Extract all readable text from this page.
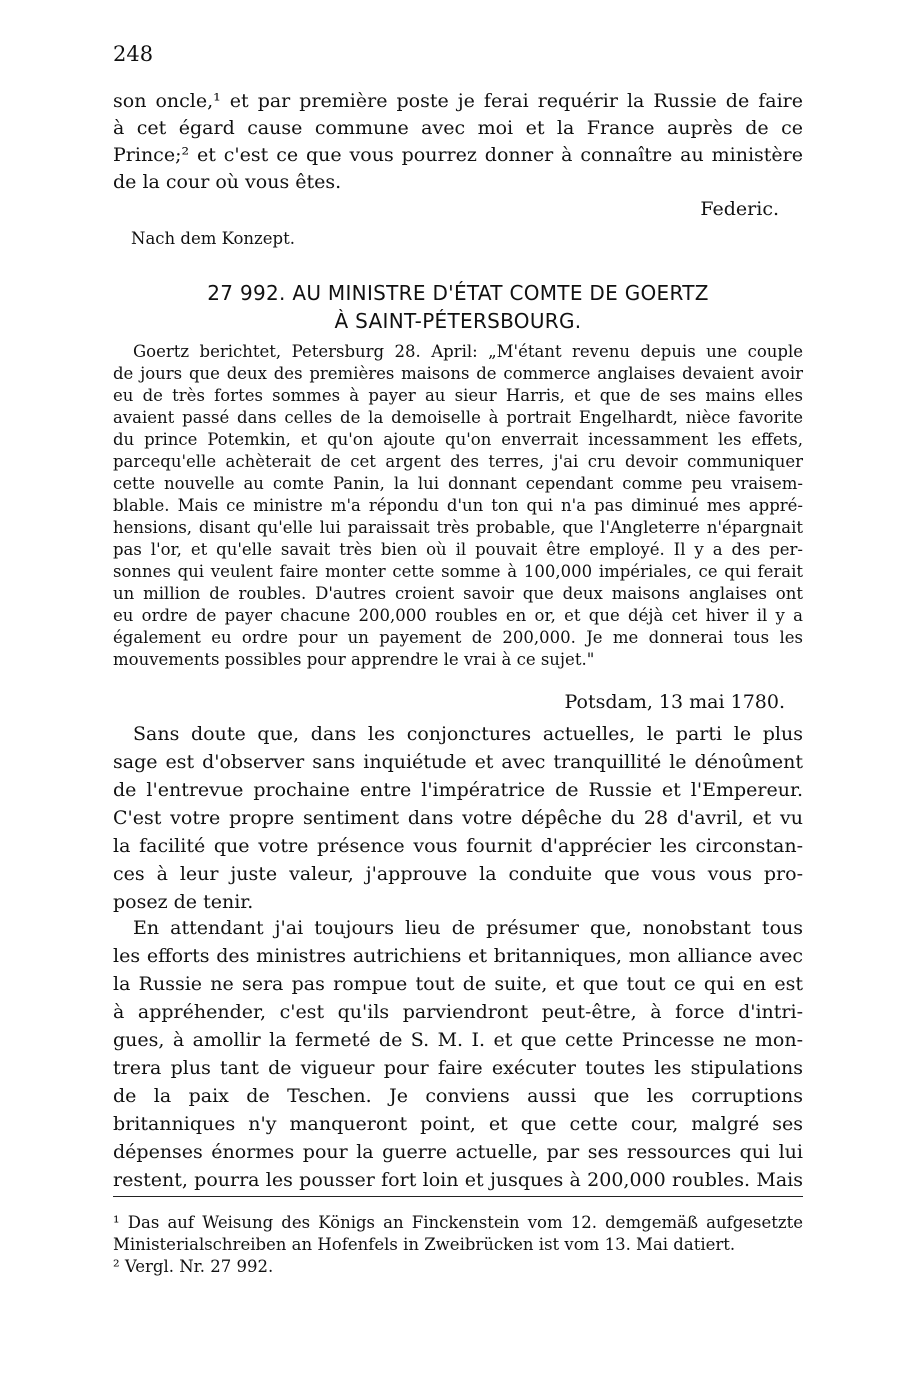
248
son oncle,¹ et par première poste je ferai requérir la Russie de faire
à cet égard cause commune avec moi et la France auprès de ce
Prince;² et c'est ce que vous pourrez donner à connaître au ministère
de la cour où vous êtes.
Federic.
Nach dem Konzept.
27 992. AU MINISTRE D'ÉTAT COMTE DE GOERTZ
À SAINT-PÉTERSBOURG.
Goertz berichtet, Petersburg 28. April: „M'étant revenu depuis une couple
de jours que deux des premières maisons de commerce anglaises devaient avoir
eu de très fortes sommes à payer au sieur Harris, et que de ses mains elles
avaient passé dans celles de la demoiselle à portrait Engelhardt, nièce favorite
du prince Potemkin, et qu'on ajoute qu'on enverrait incessamment les effets,
parcequ'elle achèterait de cet argent des terres, j'ai cru devoir communiquer
cette nouvelle au comte Panin, la lui donnant cependant comme peu vraisem-
blable. Mais ce ministre m'a répondu d'un ton qui n'a pas diminué mes appré-
hensions, disant qu'elle lui paraissait très probable, que l'Angleterre n'épargnait
pas l'or, et qu'elle savait très bien où il pouvait être employé. Il y a des per-
sonnes qui veulent faire monter cette somme à 100,000 impériales, ce qui ferait
un million de roubles. D'autres croient savoir que deux maisons anglaises ont
eu ordre de payer chacune 200,000 roubles en or, et que déjà cet hiver il y a
également eu ordre pour un payement de 200,000. Je me donnerai tous les
mouvements possibles pour apprendre le vrai à ce sujet."
Potsdam, 13 mai 1780.
Sans doute que, dans les conjonctures actuelles, le parti le plus
sage est d'observer sans inquiétude et avec tranquillité le dénoûment
de l'entrevue prochaine entre l'impératrice de Russie et l'Empereur.
C'est votre propre sentiment dans votre dépêche du 28 d'avril, et vu
la facilité que votre présence vous fournit d'apprécier les circonstan-
ces à leur juste valeur, j'approuve la conduite que vous vous pro-
posez de tenir.
En attendant j'ai toujours lieu de présumer que, nonobstant tous
les efforts des ministres autrichiens et britanniques, mon alliance avec
la Russie ne sera pas rompue tout de suite, et que tout ce qui en est
à appréhender, c'est qu'ils parviendront peut-être, à force d'intri-
gues, à amollir la fermeté de S. M. I. et que cette Princesse ne mon-
trera plus tant de vigueur pour faire exécuter toutes les stipulations
de la paix de Teschen. Je conviens aussi que les corruptions
britanniques n'y manqueront point, et que cette cour, malgré ses
dépenses énormes pour la guerre actuelle, par ses ressources qui lui
restent, pourra les pousser fort loin et jusques à 200,000 roubles. Mais
¹ Das auf Weisung des Königs an Finckenstein vom 12. demgemäß aufgesetzte
Ministerialschreiben an Hofenfels in Zweibrücken ist vom 13. Mai datiert.
² Vergl. Nr. 27 992.
